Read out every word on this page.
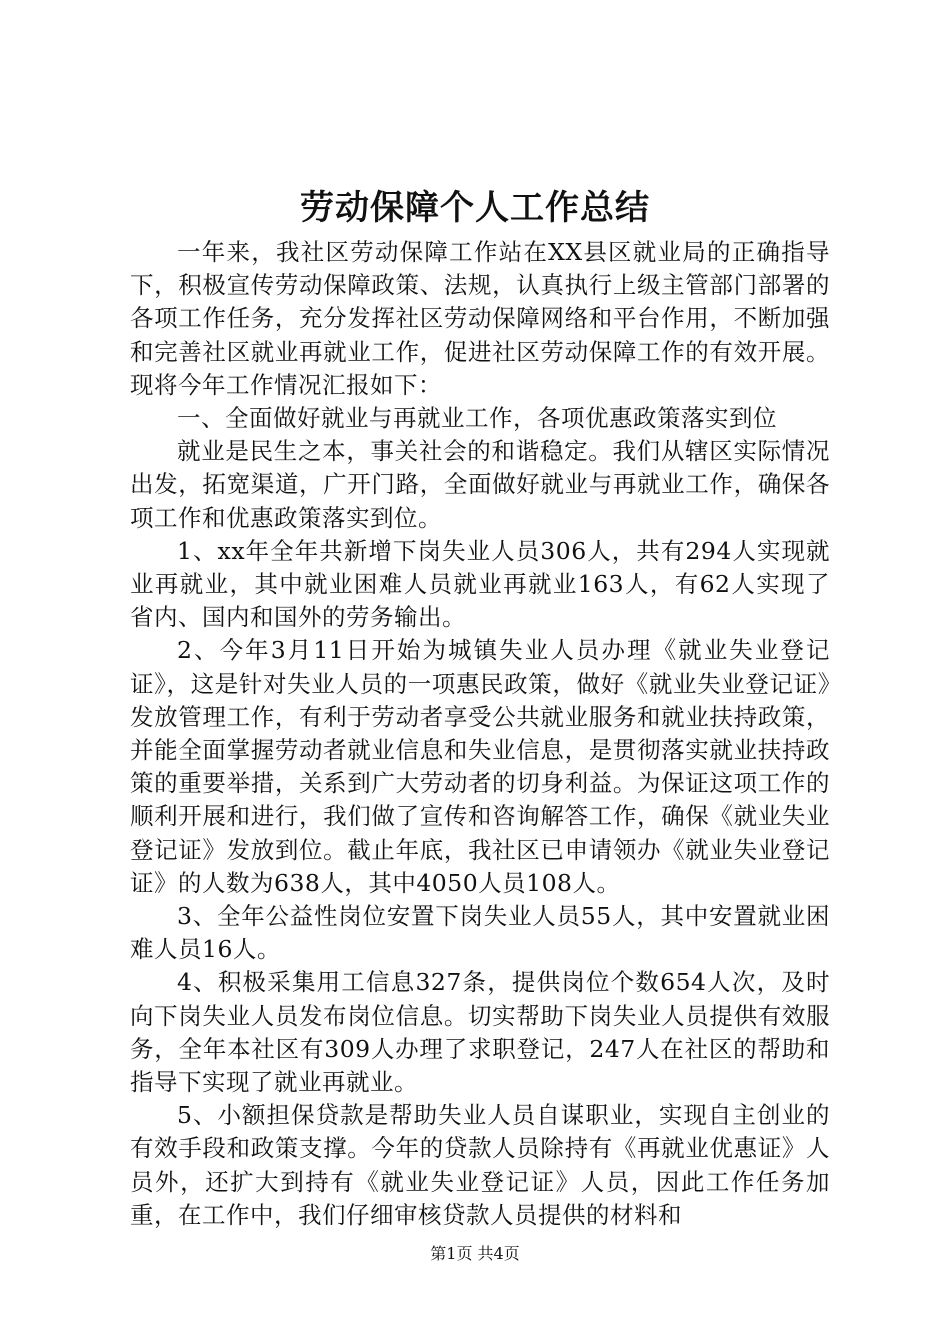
劳动保障个人工作总结

一年来，我社区劳动保障工作站在XX县区就业局的正确指导下，积极宣传劳动保障政策、法规，认真执行上级主管部门部署的各项工作任务，充分发挥社区劳动保障网络和平台作用，不断加强和完善社区就业再就业工作，促进社区劳动保障工作的有效开展。现将今年工作情况汇报如下：

一、全面做好就业与再就业工作，各项优惠政策落实到位

就业是民生之本，事关社会的和谐稳定。我们从辖区实际情况出发，拓宽渠道，广开门路，全面做好就业与再就业工作，确保各项工作和优惠政策落实到位。

1、xx年全年共新增下岗失业人员306人，共有294人实现就业再就业，其中就业困难人员就业再就业163人，有62人实现了省内、国内和国外的劳务输出。

2、今年3月11日开始为城镇失业人员办理《就业失业登记证》，这是针对失业人员的一项惠民政策，做好《就业失业登记证》发放管理工作，有利于劳动者享受公共就业服务和就业扶持政策，并能全面掌握劳动者就业信息和失业信息，是贯彻落实就业扶持政策的重要举措，关系到广大劳动者的切身利益。为保证这项工作的顺利开展和进行，我们做了宣传和咨询解答工作，确保《就业失业登记证》发放到位。截止年底，我社区已申请领办《就业失业登记证》的人数为638人，其中4050人员108人。

3、全年公益性岗位安置下岗失业人员55人，其中安置就业困难人员16人。

4、积极采集用工信息327条，提供岗位个数654人次，及时向下岗失业人员发布岗位信息。切实帮助下岗失业人员提供有效服务，全年本社区有309人办理了求职登记，247人在社区的帮助和指导下实现了就业再就业。

5、小额担保贷款是帮助失业人员自谋职业，实现自主创业的有效手段和政策支撑。今年的贷款人员除持有《再就业优惠证》人员外，还扩大到持有《就业失业登记证》人员，因此工作任务加重，在工作中，我们仔细审核贷款人员提供的材料和

第1页 共4页
